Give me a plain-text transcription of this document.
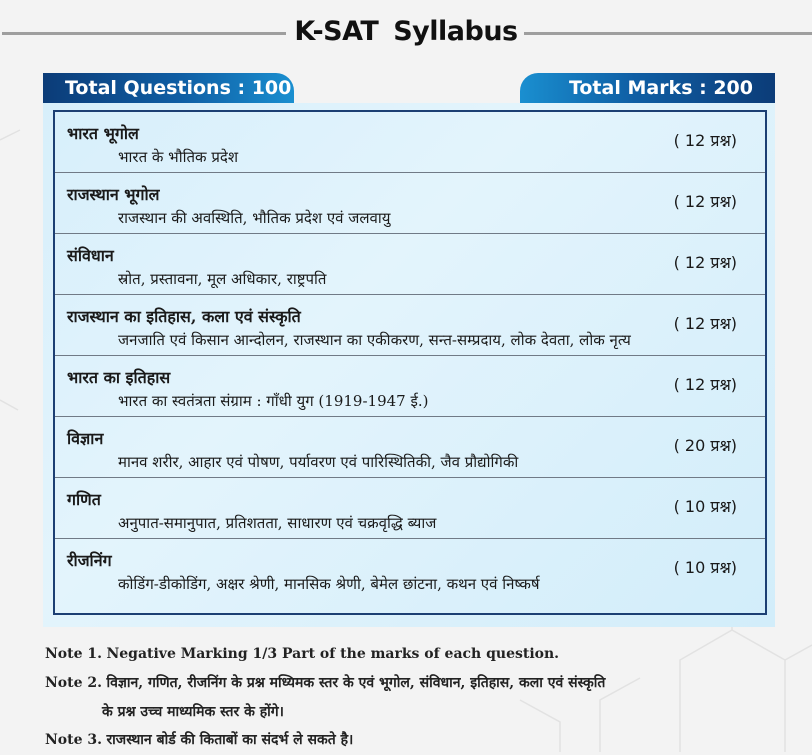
K-SAT Syllabus
Total Questions : 100	Total Marks : 200
भारत भूगोल
भारत के भौतिक प्रदेश
( 12 प्रश्न)
राजस्थान भूगोल
राजस्थान की अवस्थिति, भौतिक प्रदेश एवं जलवायु
( 12 प्रश्न)
संविधान
स्रोत, प्रस्तावना, मूल अधिकार, राष्ट्रपति
( 12 प्रश्न)
राजस्थान का इतिहास, कला एवं संस्कृति
जनजाति एवं किसान आन्दोलन, राजस्थान का एकीकरण, सन्त-सम्प्रदाय, लोक देवता, लोक नृत्य
( 12 प्रश्न)
भारत का इतिहास
भारत का स्वतंत्रता संग्राम : गाँधी युग (1919-1947 ई.)
( 12 प्रश्न)
विज्ञान
मानव शरीर, आहार एवं पोषण, पर्यावरण एवं पारिस्थितिकी, जैव प्रौद्योगिकी
( 20 प्रश्न)
गणित
अनुपात-समानुपात, प्रतिशतता, साधारण एवं चक्रवृद्धि ब्याज
( 10 प्रश्न)
रीजनिंग
कोडिंग-डीकोडिंग, अक्षर श्रेणी, मानसिक श्रेणी, बेमेल छांटना, कथन एवं निष्कर्ष
( 10 प्रश्न)
Note 1. Negative Marking 1/3 Part of the marks of each question.
Note 2. विज्ञान, गणित, रीजनिंग के प्रश्न मध्यिमक स्तर के एवं भूगोल, संविधान, इतिहास, कला एवं संस्कृति
के प्रश्न उच्च माध्यमिक स्तर के होंगे।
Note 3. राजस्थान बोर्ड की किताबों का संदर्भ ले सकते है।
